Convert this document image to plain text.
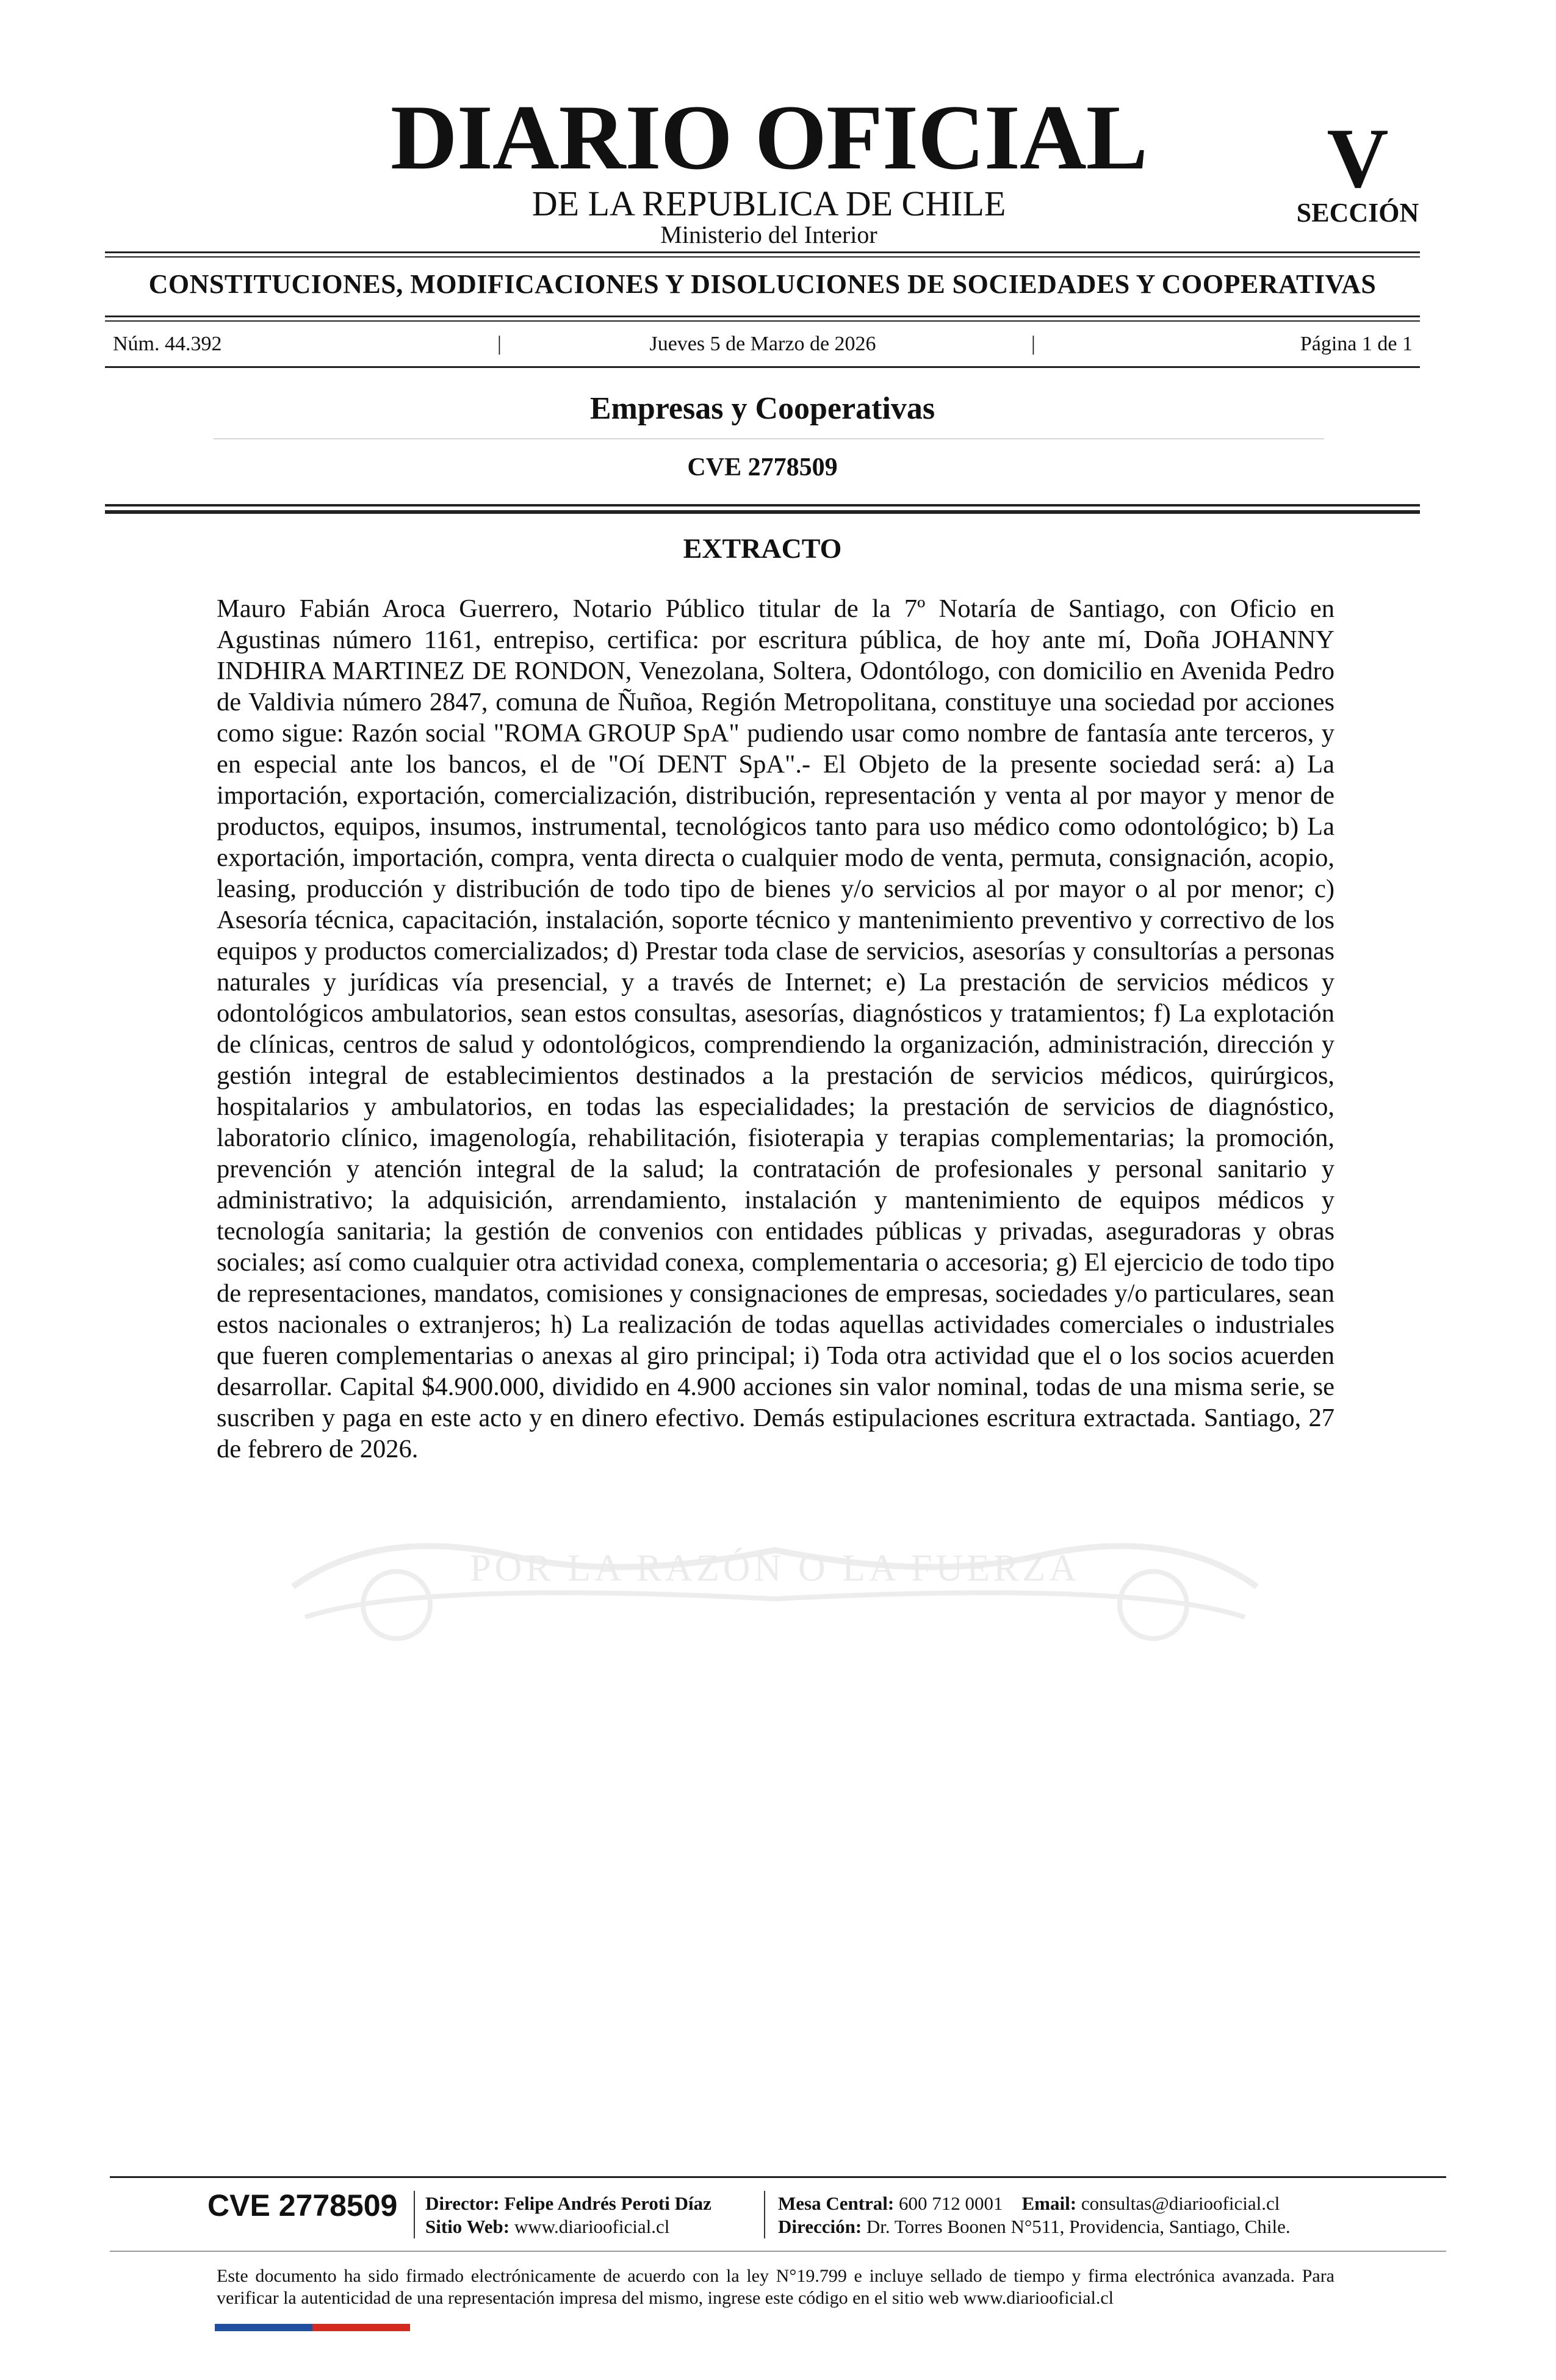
DIARIO OFICIAL
DE LA REPUBLICA DE CHILE
Ministerio del Interior
V
SECCIÓN
CONSTITUCIONES, MODIFICACIONES Y DISOLUCIONES DE SOCIEDADES Y COOPERATIVAS
Núm. 44.392	|	Jueves 5 de Marzo de 2026	|	Página 1 de 1
Empresas y Cooperativas
CVE 2778509
EXTRACTO
Mauro Fabián Aroca Guerrero, Notario Público titular de la 7º Notaría de Santiago, con Oficio en Agustinas número 1161, entrepiso, certifica: por escritura pública, de hoy ante mí, Doña JOHANNY INDHIRA MARTINEZ DE RONDON, Venezolana, Soltera, Odontólogo, con domicilio en Avenida Pedro de Valdivia número 2847, comuna de Ñuñoa, Región Metropolitana, constituye una sociedad por acciones como sigue: Razón social "ROMA GROUP SpA" pudiendo usar como nombre de fantasía ante terceros, y en especial ante los bancos, el de "Oí DENT SpA".- El Objeto de la presente sociedad será: a) La importación, exportación, comercialización, distribución, representación y venta al por mayor y menor de productos, equipos, insumos, instrumental, tecnológicos tanto para uso médico como odontológico; b) La exportación, importación, compra, venta directa o cualquier modo de venta, permuta, consignación, acopio, leasing, producción y distribución de todo tipo de bienes y/o servicios al por mayor o al por menor; c) Asesoría técnica, capacitación, instalación, soporte técnico y mantenimiento preventivo y correctivo de los equipos y productos comercializados; d) Prestar toda clase de servicios, asesorías y consultorías a personas naturales y jurídicas vía presencial, y a través de Internet; e) La prestación de servicios médicos y odontológicos ambulatorios, sean estos consultas, asesorías, diagnósticos y tratamientos; f) La explotación de clínicas, centros de salud y odontológicos, comprendiendo la organización, administración, dirección y gestión integral de establecimientos destinados a la prestación de servicios médicos, quirúrgicos, hospitalarios y ambulatorios, en todas las especialidades; la prestación de servicios de diagnóstico, laboratorio clínico, imagenología, rehabilitación, fisioterapia y terapias complementarias; la promoción, prevención y atención integral de la salud; la contratación de profesionales y personal sanitario y administrativo; la adquisición, arrendamiento, instalación y mantenimiento de equipos médicos y tecnología sanitaria; la gestión de convenios con entidades públicas y privadas, aseguradoras y obras sociales; así como cualquier otra actividad conexa, complementaria o accesoria; g) El ejercicio de todo tipo de representaciones, mandatos, comisiones y consignaciones de empresas, sociedades y/o particulares, sean estos nacionales o extranjeros; h) La realización de todas aquellas actividades comerciales o industriales que fueren complementarias o anexas al giro principal; i) Toda otra actividad que el o los socios acuerden desarrollar. Capital $4.900.000, dividido en 4.900 acciones sin valor nominal, todas de una misma serie, se suscriben y paga en este acto y en dinero efectivo. Demás estipulaciones escritura extractada. Santiago, 27 de febrero de 2026.
POR LA RAZÓN O LA FUERZA
CVE 2778509 Director: Felipe Andrés Peroti Díaz
Sitio Web: www.diariooficial.cl
Mesa Central: 600 712 0001 Email: consultas@diariooficial.cl
Dirección: Dr. Torres Boonen N°511, Providencia, Santiago, Chile.
Este documento ha sido firmado electrónicamente de acuerdo con la ley N°19.799 e incluye sellado de tiempo y firma electrónica avanzada. Para verificar la autenticidad de una representación impresa del mismo, ingrese este código en el sitio web www.diariooficial.cl
